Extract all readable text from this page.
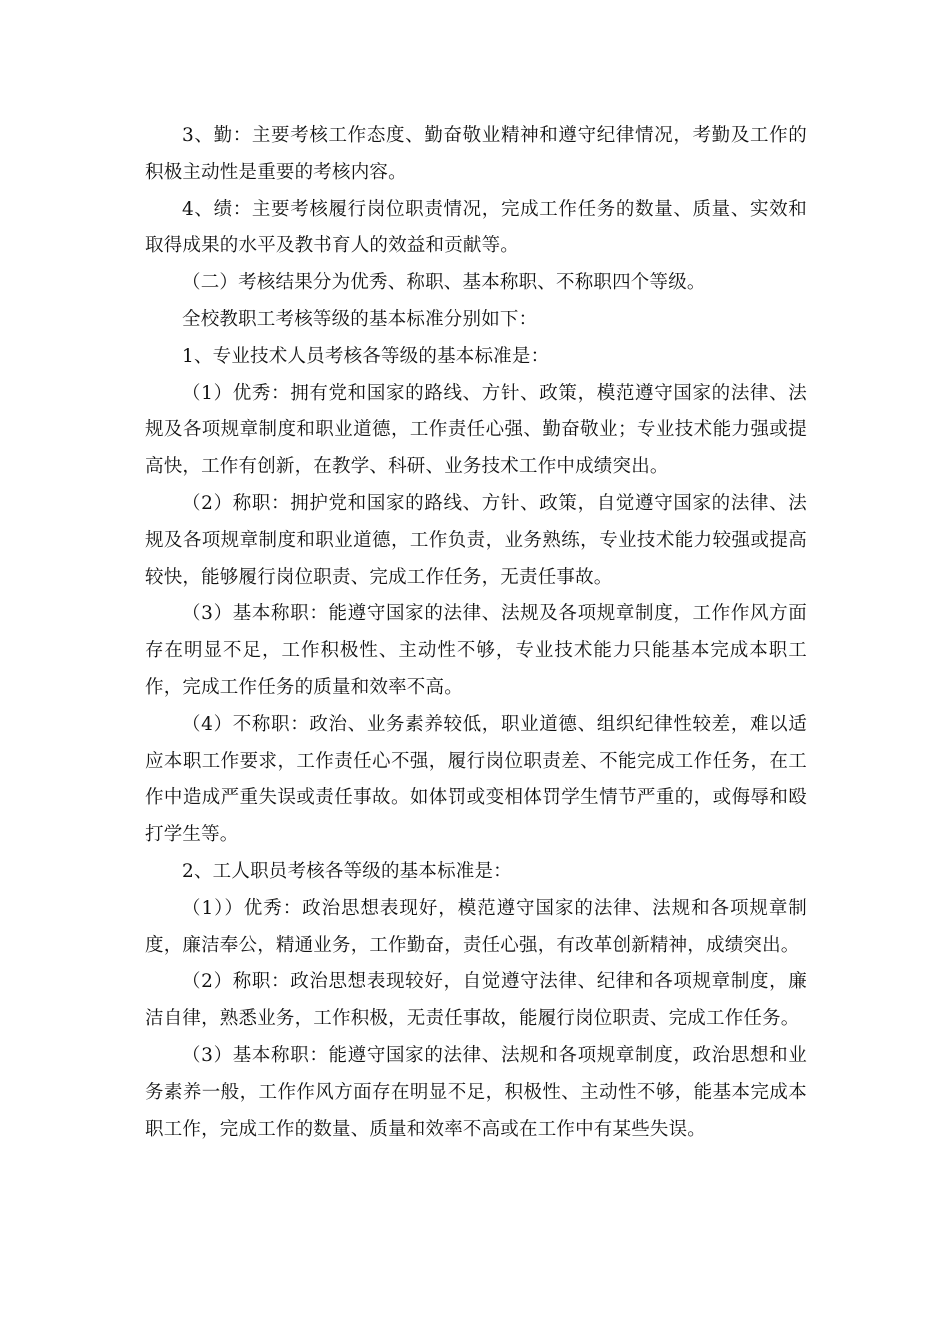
3、勤：主要考核工作态度、勤奋敬业精神和遵守纪律情况，考勤及工作的积极主动性是重要的考核内容。

4、绩：主要考核履行岗位职责情况，完成工作任务的数量、质量、实效和取得成果的水平及教书育人的效益和贡献等。

（二）考核结果分为优秀、称职、基本称职、不称职四个等级。

全校教职工考核等级的基本标准分别如下：

1、专业技术人员考核各等级的基本标准是：

（1）优秀：拥有党和国家的路线、方针、政策，模范遵守国家的法律、法规及各项规章制度和职业道德，工作责任心强、勤奋敬业；专业技术能力强或提高快，工作有创新，在教学、科研、业务技术工作中成绩突出。

（2）称职：拥护党和国家的路线、方针、政策，自觉遵守国家的法律、法规及各项规章制度和职业道德，工作负责，业务熟练，专业技术能力较强或提高较快，能够履行岗位职责、完成工作任务，无责任事故。

（3）基本称职：能遵守国家的法律、法规及各项规章制度，工作作风方面存在明显不足，工作积极性、主动性不够，专业技术能力只能基本完成本职工作，完成工作任务的质量和效率不高。

（4）不称职：政治、业务素养较低，职业道德、组织纪律性较差，难以适应本职工作要求，工作责任心不强，履行岗位职责差、不能完成工作任务，在工作中造成严重失误或责任事故。如体罚或变相体罚学生情节严重的，或侮辱和殴打学生等。

2、工人职员考核各等级的基本标准是：

（1））优秀：政治思想表现好，模范遵守国家的法律、法规和各项规章制度，廉洁奉公，精通业务，工作勤奋，责任心强，有改革创新精神，成绩突出。

（2）称职：政治思想表现较好，自觉遵守法律、纪律和各项规章制度，廉洁自律，熟悉业务，工作积极，无责任事故，能履行岗位职责、完成工作任务。

（3）基本称职：能遵守国家的法律、法规和各项规章制度，政治思想和业务素养一般，工作作风方面存在明显不足，积极性、主动性不够，能基本完成本职工作，完成工作的数量、质量和效率不高或在工作中有某些失误。
